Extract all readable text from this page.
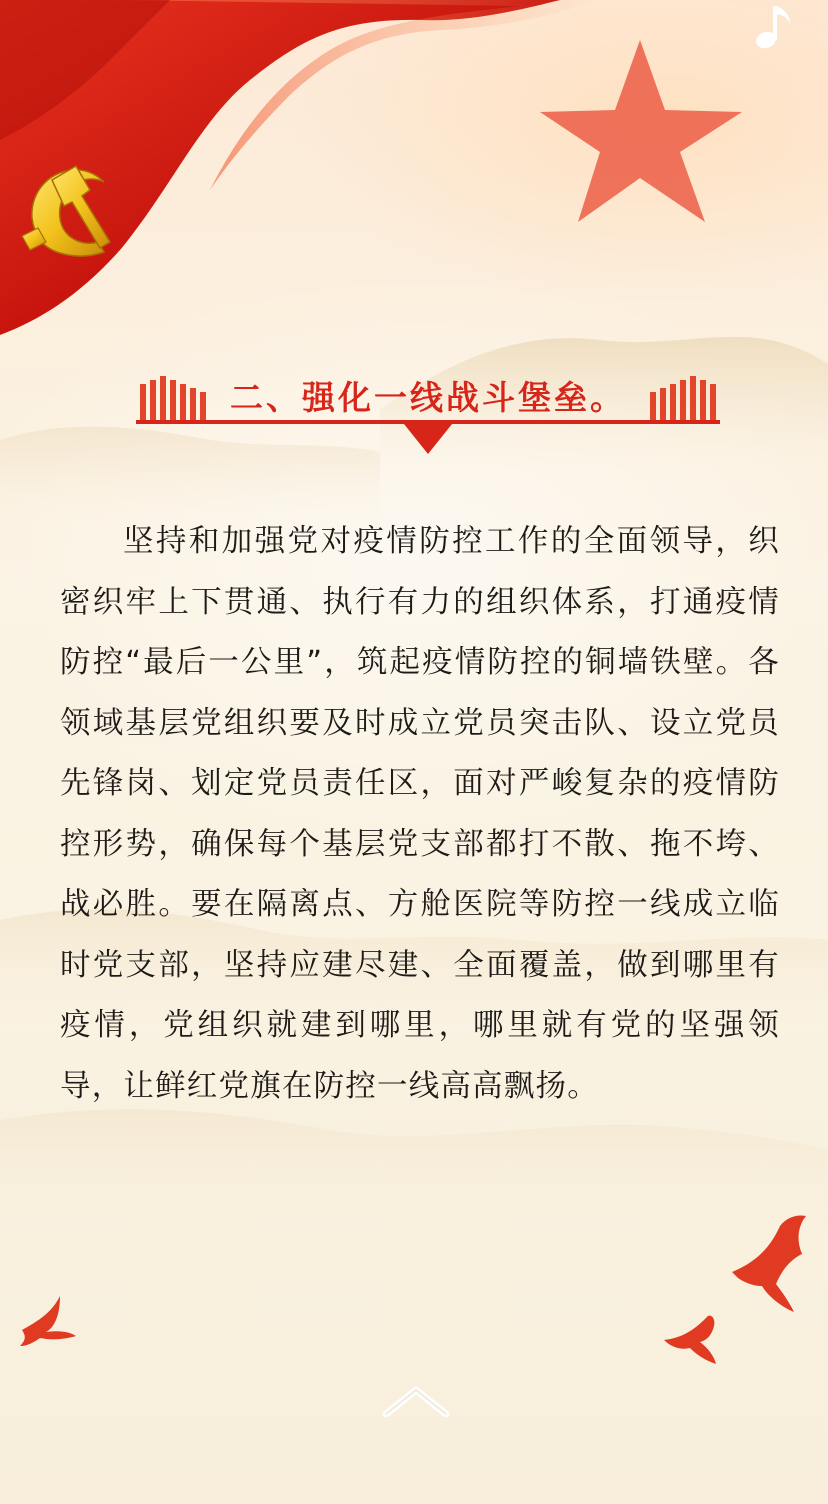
二、强化一线战斗堡垒。

坚持和加强党对疫情防控工作的全面领导，织密织牢上下贯通、执行有力的组织体系，打通疫情防控“最后一公里”，筑起疫情防控的铜墙铁壁。各领域基层党组织要及时成立党员突击队、设立党员先锋岗、划定党员责任区，面对严峻复杂的疫情防控形势，确保每个基层党支部都打不散、拖不垮、战必胜。要在隔离点、方舱医院等防控一线成立临时党支部，坚持应建尽建、全面覆盖，做到哪里有疫情，党组织就建到哪里，哪里就有党的坚强领导，让鲜红党旗在防控一线高高飘扬。
